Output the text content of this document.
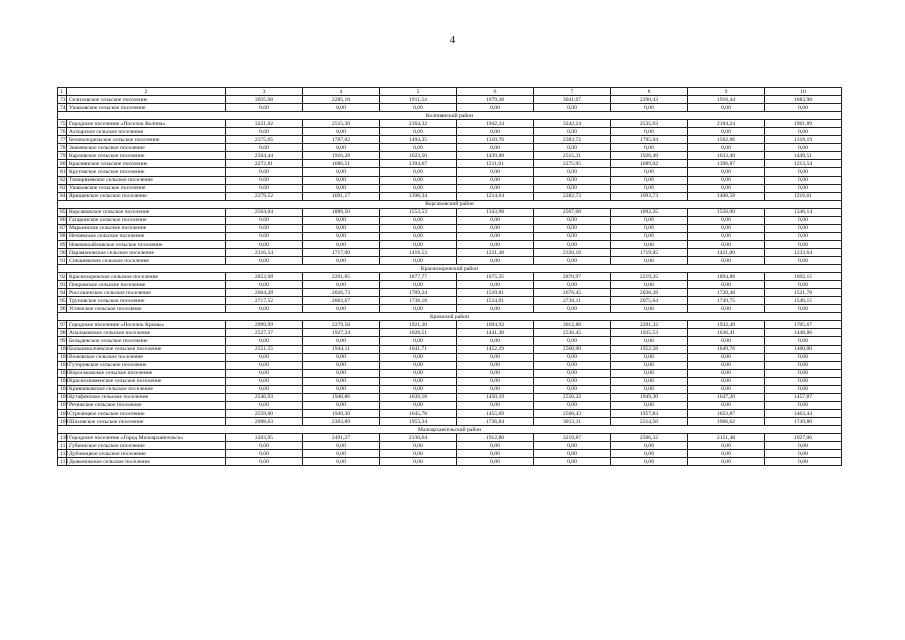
4
1	2	3	4	5	6	7	8	9	10
73	Селиховское сельское поселение	3035,08	2285,18	1911,54	1679,38	3041,07	2290,43	1916,44	1683,98
74	Ушаковское сельское поселение	0,00	0,00	0,00	0,00	0,00	0,00	0,00	0,00
Колпнянский район									
75	Городское поселение «Поселок Колпна»	3221,02	2515,30	2164,32	1942,34	3242,24	2535,63	2184,24	1961,89
76	Ахтырское сельское поселение	0,00	0,00	0,00	0,00	0,00	0,00	0,00	0,00
77	Белоколодезьское сельское поселение	2375,05	1787,02	1494,35	1310,76	2383,72	1795,04	1502,06	1318,19
78	Знаменское сельское поселение	0,00	0,00	0,00	0,00	0,00	0,00	0,00	0,00
79	Карловское сельское поселение	2504,44	1916,28	1623,50	1439,88	2515,31	1926,49	1633,40	1449,51
80	Краснянское сельское поселение	2272,81	1686,51	1394,67	1211,61	2275,95	1689,02	1396,87	1213,54
81	Крутовское сельское поселение	0,00	0,00	0,00	0,00	0,00	0,00	0,00	0,00
82	Тимирязевское сельское поселение	0,00	0,00	0,00	0,00	0,00	0,00	0,00	0,00
83	Ушаковское сельское поселение	0,00	0,00	0,00	0,00	0,00	0,00	0,00	0,00
84	Ярищенское сельское поселение	2279,52	1691,17	1398,34	1214,64	2282,73	1693,73	1400,58	1216,61
Корсаковский район									
85	Корсаковское сельское поселение	2564,04	1889,50	1553,53	1343,98	2567,68	1892,35	1556,00	1346,14
86	Гагаринское сельское поселение	0,00	0,00	0,00	0,00	0,00	0,00	0,00	0,00
87	Марьинское сельское поселение	0,00	0,00	0,00	0,00	0,00	0,00	0,00	0,00
88	Нечаевское сельское поселение	0,00	0,00	0,00	0,00	0,00	0,00	0,00	0,00
89	Новомихайловское сельское поселение	0,00	0,00	0,00	0,00	0,00	0,00	0,00	0,00
90	Парамоновское сельское поселение	2316,54	1717,00	1418,53	1231,48	2320,18	1719,85	1421,00	1233,64
91	Спешневское сельское поселение	0,00	0,00	0,00	0,00	0,00	0,00	0,00	0,00
Краснозоренский район									
92	Краснозоренское сельское поселение	2852,68	2201,85	1877,77	1675,35	2870,97	2219,35	1894,88	1692,15
93	Покровское сельское поселение	0,00	0,00	0,00	0,00	0,00	0,00	0,00	0,00
94	Россошенское сельское поселение	2664,28	2026,73	1709,24	1510,81	2676,45	2038,28	1720,48	1521,78
95	Труновское сельское поселение	2717,52	2063,67	1738,18	1534,01	2730,11	2075,64	1749,75	1546,15
96	Успенское сельское поселение	0,00	0,00	0,00	0,00	0,00	0,00	0,00	0,00
Кромской район									
97	Городское поселение «Поселок Кромы»	2999,99	2279,58	1921,30	1694,93	3012,88	2291,32	1932,49	1705,67
98	Апальковское сельское поселение	2527,37	1927,24	1628,51	1441,30	2536,45	1935,53	1636,41	1448,86
99	Бельдяжское сельское поселение	0,00	0,00	0,00	0,00	0,00	0,00	0,00	0,00
100	Большеколчевское сельское поселение	2551,55	1944,11	1641,71	1452,29	2560,90	1952,58	1649,76	1460,00
101	Вожовское сельское поселение	0,00	0,00	0,00	0,00	0,00	0,00	0,00	0,00
102	Гуторовское сельское поселение	0,00	0,00	0,00	0,00	0,00	0,00	0,00	0,00
103	Короськовское сельское поселение	0,00	0,00	0,00	0,00	0,00	0,00	0,00	0,00
104	Краснознаменское сельское поселение	0,00	0,00	0,00	0,00	0,00	0,00	0,00	0,00
105	Кривчиковское сельское поселение	0,00	0,00	0,00	0,00	0,00	0,00	0,00	0,00
106	Кутафинское сельское поселение	2546,93	1940,86	1639,18	1450,19	2556,22	1949,30	1647,20	1457,87
107	Ретяжское сельское поселение	0,00	0,00	0,00	0,00	0,00	0,00	0,00	0,00
108	Стрелецкое сельское поселение	2559,00	1949,30	1645,78	1455,69	2568,43	1957,83	1653,87	1463,44
109	Шаховское сельское поселение	2998,63	2303,89	1953,34	1736,84	3013,11	2314,56	1966,62	1749,80
Малоархангельский район									
110	Городское поселение «Город Малоархангельск»	3203,95	2491,27	2136,64	1912,80	3219,87	2506,32	2151,48	1927,06
111	Губкинское сельское поселение	0,00	0,00	0,00	0,00	0,00	0,00	0,00	0,00
112	Дубовицкое сельское поселение	0,00	0,00	0,00	0,00	0,00	0,00	0,00	0,00
113	Дьяконовское сельское поселение	0,00	0,00	0,00	0,00	0,00	0,00	0,00	0,00
